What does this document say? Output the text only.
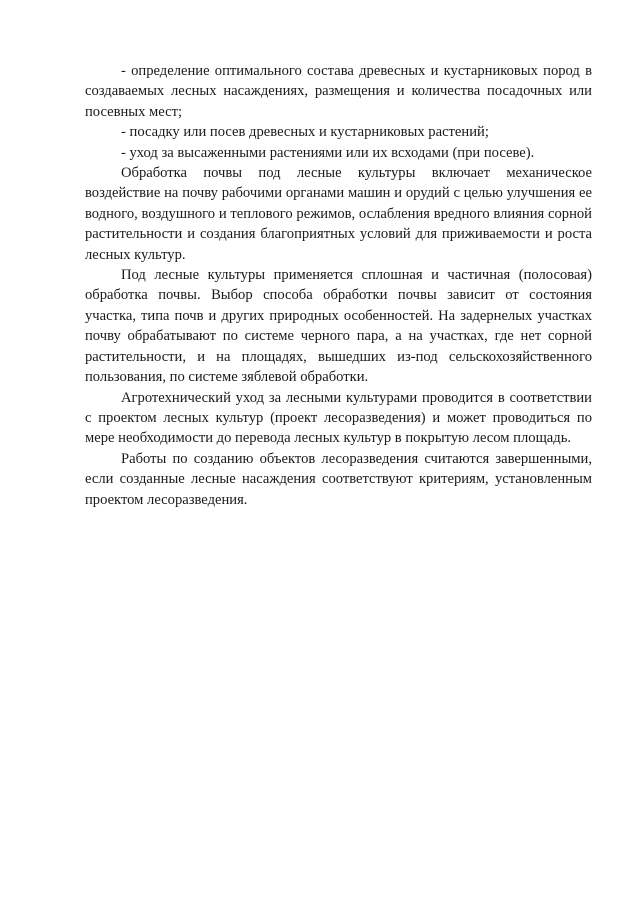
- определение оптимального состава древесных и кустарниковых пород в создаваемых лесных насаждениях, размещения и количества посадочных или посевных мест;

- посадку или посев древесных и кустарниковых растений;

- уход за высаженными растениями или их всходами (при посеве).

Обработка почвы под лесные культуры включает механическое воздействие на почву рабочими органами машин и орудий с целью улучшения ее водного, воздушного и теплового режимов, ослабления вредного влияния сорной растительности и создания благоприятных условий для приживаемости и роста лесных культур.

Под лесные культуры применяется сплошная и частичная (полосовая) обработка почвы. Выбор способа обработки почвы зависит от состояния участка, типа почв и других природных особенностей. На задернелых участках почву обрабатывают по системе черного пара, а на участках, где нет сорной растительности, и на площадях, вышедших из-под сельскохозяйственного пользования, по системе зяблевой обработки.

Агротехнический уход за лесными культурами проводится в соответствии с проектом лесных культур (проект лесоразведения) и может проводиться по мере необходимости до перевода лесных культур в покрытую лесом площадь.

Работы по созданию объектов лесоразведения считаются завершенными, если созданные лесные насаждения соответствуют критериям, установленным проектом лесоразведения.
